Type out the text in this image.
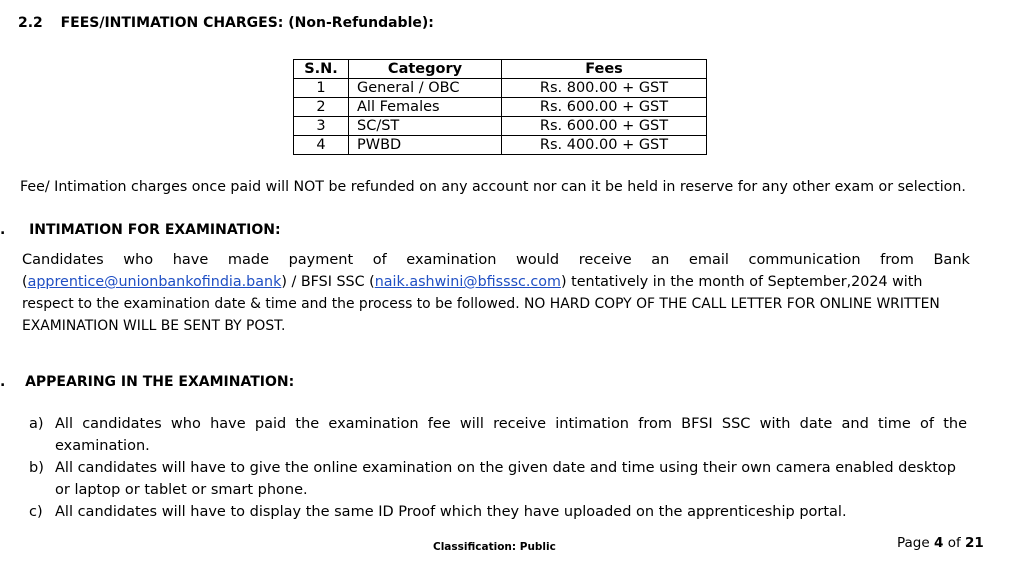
2.2 FEES/INTIMATION CHARGES: (Non-Refundable):
S.N.	Category	Fees
1	General / OBC	Rs. 800.00 + GST
2	All Females	Rs. 600.00 + GST
3	SC/ST	Rs. 600.00 + GST
4	PWBD	Rs. 400.00 + GST
Fee/ Intimation charges once paid will NOT be refunded on any account nor can it be held in reserve for any other exam or selection.
. INTIMATION FOR EXAMINATION:
Candidates who have made payment of examination would receive an email communication from Bank
(apprentice@unionbankofindia.bank) / BFSI SSC (naik.ashwini@bfisssc.com) tentatively in the month of September,2024 with
respect to the examination date & time and the process to be followed. NO HARD COPY OF THE CALL LETTER FOR ONLINE WRITTEN
EXAMINATION WILL BE SENT BY POST.
. APPEARING IN THE EXAMINATION:
a) All candidates who have paid the examination fee will receive intimation from BFSI SSC with date and time of the examination.
b) All candidates will have to give the online examination on the given date and time using their own camera enabled desktop or laptop or tablet or smart phone.
c) All candidates will have to display the same ID Proof which they have uploaded on the apprenticeship portal.
Classification: Public	Page 4 of 21
